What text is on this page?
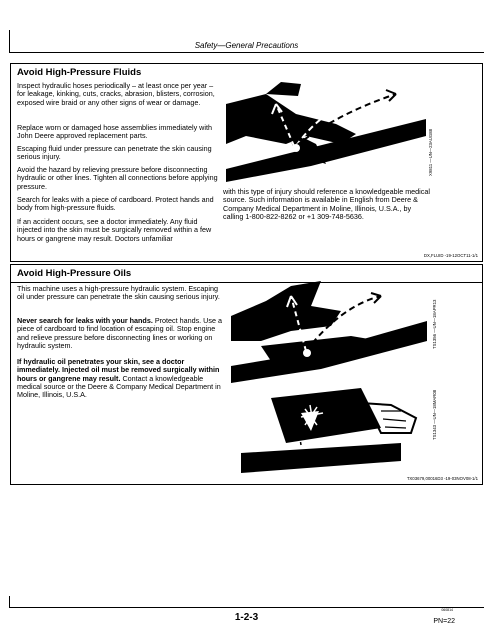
Safety—General Precautions
Avoid High-Pressure Fluids

Inspect hydraulic hoses periodically – at least once per year – for leakage, kinking, cuts, cracks, abrasion, blisters, corrosion, exposed wire braid or any other signs of wear or damage.

Replace worn or damaged hose assemblies immediately with John Deere approved replacement parts.

Escaping fluid under pressure can penetrate the skin causing serious injury.

Avoid the hazard by relieving pressure before disconnecting hydraulic or other lines. Tighten all connections before applying pressure.

Search for leaks with a piece of cardboard. Protect hands and body from high-pressure fluids.

If an accident occurs, see a doctor immediately. Any fluid injected into the skin must be surgically removed within a few hours or gangrene may result. Doctors unfamiliar

with this type of injury should reference a knowledgeable medical source. Such information is available in English from Deere & Company Medical Department in Moline, Illinois, U.S.A., by calling 1-800-822-8262 or +1 309-748-5636.

X9811 —UN—23AUG88
DX,FLUID -19-12OCT11-1/1
Avoid High-Pressure Oils

This machine uses a high-pressure hydraulic system. Escaping oil under pressure can penetrate the skin causing serious injury.

Never search for leaks with your hands. Protect hands. Use a piece of cardboard to find location of escaping oil. Stop engine and relieve pressure before disconnecting lines or working on hydraulic system.

If hydraulic oil penetrates your skin, see a doctor immediately. Injected oil must be removed surgically within hours or gangrene may result. Contact a knowledgeable medical source or the Deere & Company Medical Department in Moline, Illinois, U.S.A.

TS1356 —UN—18APR13
TS1343 —UN—18MAR08
TX03679,00016D3 -19-03NOV08-1/1
060814
1-2-3	PN=22
